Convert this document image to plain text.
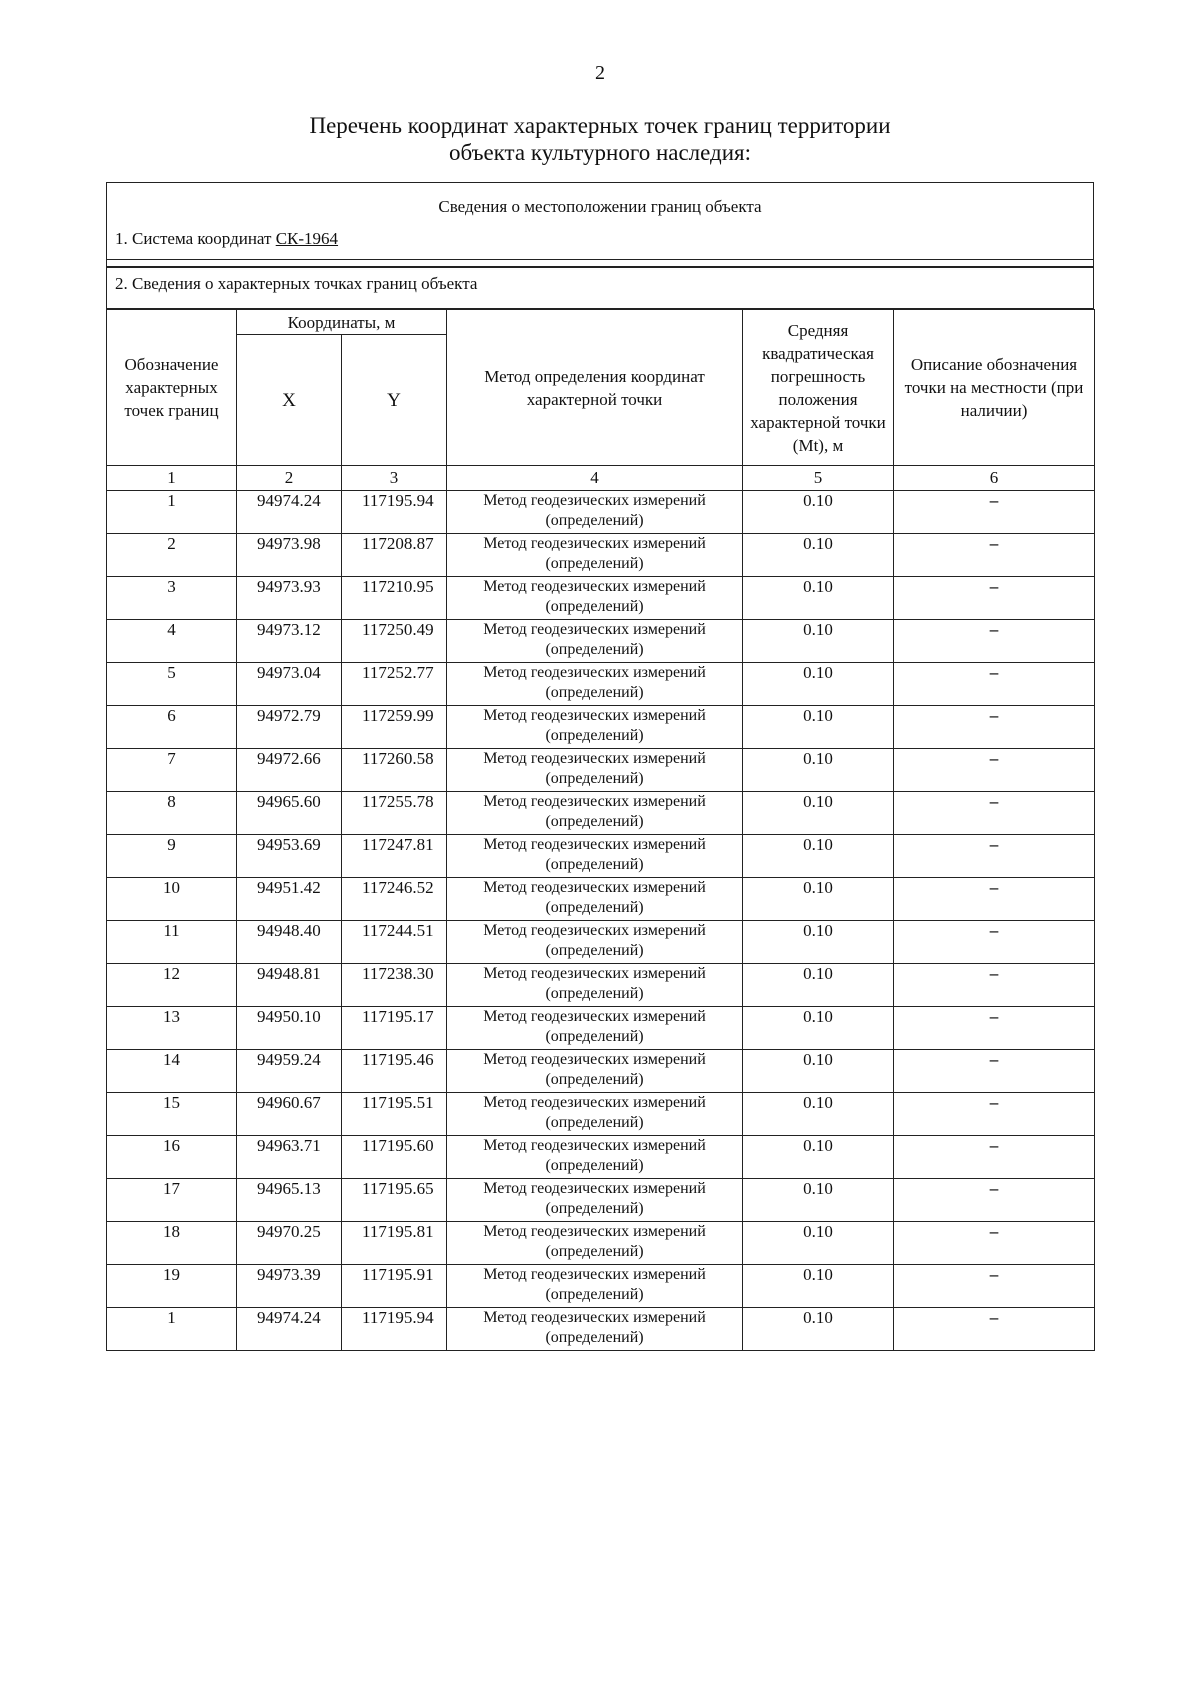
2
Перечень координат характерных точек границ территории
объекта культурного наследия:
Сведения о местоположении границ объекта
1. Система координат СК-1964
2. Сведения о характерных точках границ объекта
Обозначение характерных точек границ	Координаты, м		Метод определения координат характерной точки	Средняя квадратическая погрешность положения характерной точки (Mt), м	Описание обозначения точки на местности (при наличии)
	X	Y			
1	2	3	4	5	6
1	94974.24	117195.94	Метод геодезических измерений (определений)	0.10	–
2	94973.98	117208.87	Метод геодезических измерений (определений)	0.10	–
3	94973.93	117210.95	Метод геодезических измерений (определений)	0.10	–
4	94973.12	117250.49	Метод геодезических измерений (определений)	0.10	–
5	94973.04	117252.77	Метод геодезических измерений (определений)	0.10	–
6	94972.79	117259.99	Метод геодезических измерений (определений)	0.10	–
7	94972.66	117260.58	Метод геодезических измерений (определений)	0.10	–
8	94965.60	117255.78	Метод геодезических измерений (определений)	0.10	–
9	94953.69	117247.81	Метод геодезических измерений (определений)	0.10	–
10	94951.42	117246.52	Метод геодезических измерений (определений)	0.10	–
11	94948.40	117244.51	Метод геодезических измерений (определений)	0.10	–
12	94948.81	117238.30	Метод геодезических измерений (определений)	0.10	–
13	94950.10	117195.17	Метод геодезических измерений (определений)	0.10	–
14	94959.24	117195.46	Метод геодезических измерений (определений)	0.10	–
15	94960.67	117195.51	Метод геодезических измерений (определений)	0.10	–
16	94963.71	117195.60	Метод геодезических измерений (определений)	0.10	–
17	94965.13	117195.65	Метод геодезических измерений (определений)	0.10	–
18	94970.25	117195.81	Метод геодезических измерений (определений)	0.10	–
19	94973.39	117195.91	Метод геодезических измерений (определений)	0.10	–
1	94974.24	117195.94	Метод геодезических измерений (определений)	0.10	–
